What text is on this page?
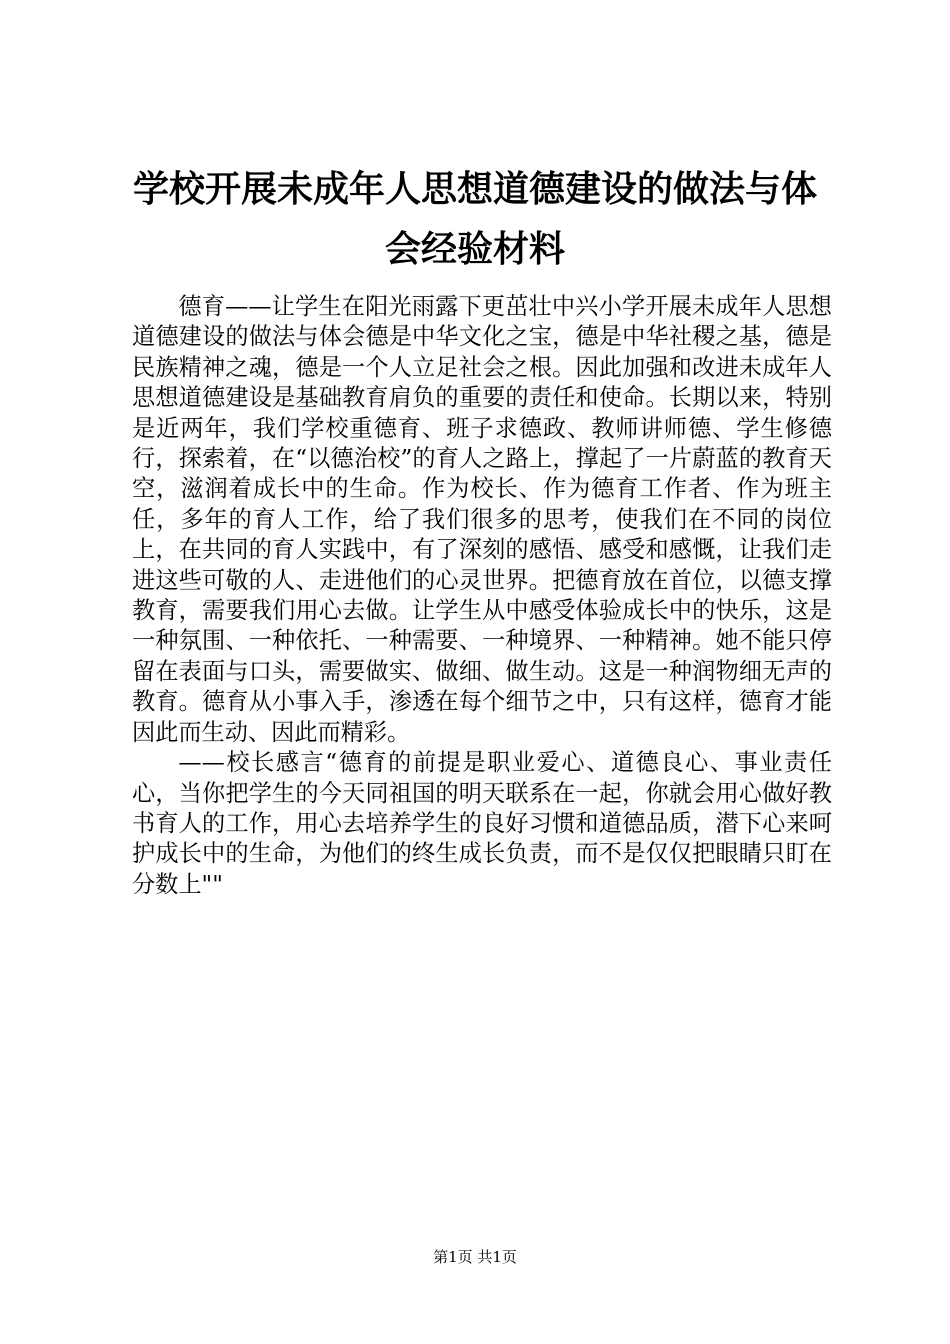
学校开展未成年人思想道德建设的做法与体会经验材料

德育——让学生在阳光雨露下更茁壮中兴小学开展未成年人思想道德建设的做法与体会德是中华文化之宝，德是中华社稷之基，德是民族精神之魂，德是一个人立足社会之根。因此加强和改进未成年人思想道德建设是基础教育肩负的重要的责任和使命。长期以来，特别是近两年，我们学校重德育、班子求德政、教师讲师德、学生修德行，探索着，在“以德治校”的育人之路上，撑起了一片蔚蓝的教育天空，滋润着成长中的生命。作为校长、作为德育工作者、作为班主任，多年的育人工作，给了我们很多的思考，使我们在不同的岗位上，在共同的育人实践中，有了深刻的感悟、感受和感慨，让我们走进这些可敬的人、走进他们的心灵世界。把德育放在首位，以德支撑教育，需要我们用心去做。让学生从中感受体验成长中的快乐，这是一种氛围、一种依托、一种需要、一种境界、一种精神。她不能只停留在表面与口头，需要做实、做细、做生动。这是一种润物细无声的教育。德育从小事入手，渗透在每个细节之中，只有这样，德育才能因此而生动、因此而精彩。

——校长感言“德育的前提是职业爱心、道德良心、事业责任心，当你把学生的今天同祖国的明天联系在一起，你就会用心做好教书育人的工作，用心去培养学生的良好习惯和道德品质，潜下心来呵护成长中的生命，为他们的终生成长负责，而不是仅仅把眼睛只盯在分数上""

第1页 共1页
